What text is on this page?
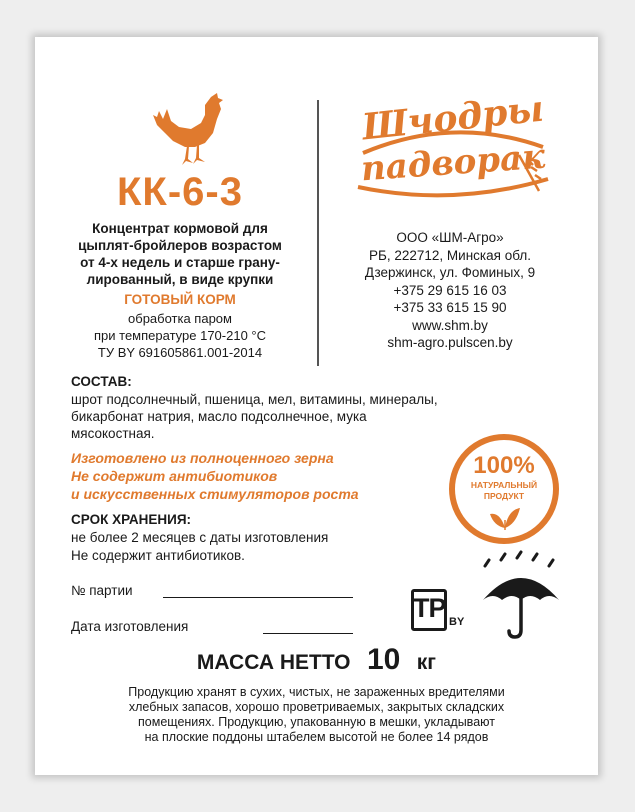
КК-6-3
Концентрат кормовой для
цыплят-бройлеров возрастом
от 4-х недель и старше грану-
лированный, в виде крупки
ГОТОВЫЙ КОРМ
обработка паром
при температуре 170-210 °С
ТУ BY 691605861.001-2014
Шчодры
падворак
ООО «ШМ-Агро»
РБ, 222712, Минская обл.
Дзержинск, ул. Фоминых, 9
+375 29 615 16 03
+375 33 615 15 90
www.shm.by
shm-agro.pulscen.by
СОСТАВ:
шрот подсолнечный, пшеница, мел, витамины, минералы,
бикарбонат натрия, масло подсолнечное, мука
мясокостная.
Изготовлено из полноценного зерна
Не содержит антибиотиков
и искусственных стимуляторов роста
100%
НАТУРАЛЬНЫЙ
ПРОДУКТ
СРОК ХРАНЕНИЯ:
не более 2 месяцев с даты изготовления
Не содержит антибиотиков.
№ партии
Дата изготовления
TP BY
МАССА НЕТТО 10 кг
Продукцию хранят в сухих, чистых, не зараженных вредителями
хлебных запасов, хорошо проветриваемых, закрытых складских
помещениях. Продукцию, упакованную в мешки, укладывают
на плоские поддоны штабелем высотой не более 14 рядов
